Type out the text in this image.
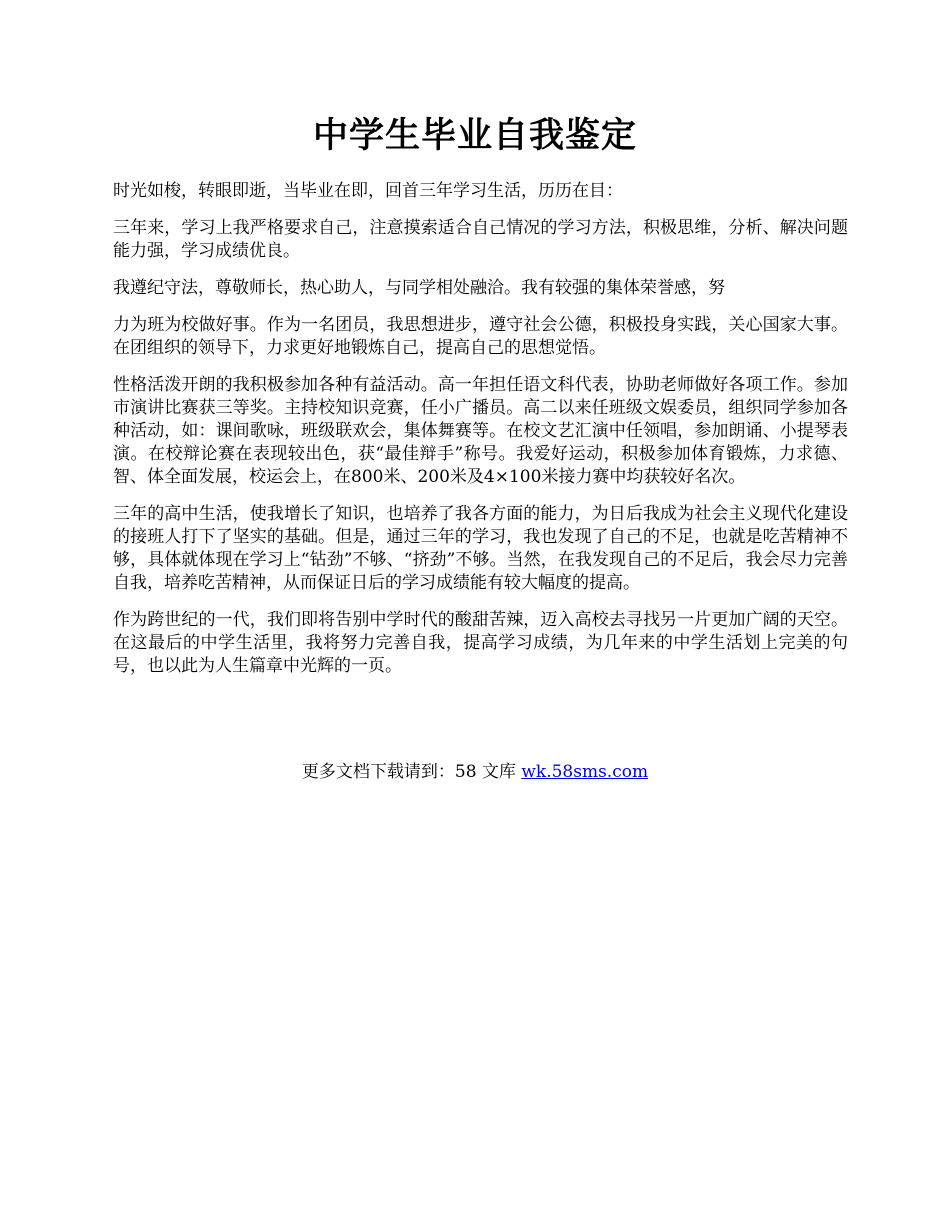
中学生毕业自我鉴定

时光如梭，转眼即逝，当毕业在即，回首三年学习生活，历历在目：

三年来，学习上我严格要求自己，注意摸索适合自己情况的学习方法，积极思维，分析、解决问题能力强，学习成绩优良。

我遵纪守法，尊敬师长，热心助人，与同学相处融洽。我有较强的集体荣誉感，努

力为班为校做好事。作为一名团员，我思想进步，遵守社会公德，积极投身实践，关心国家大事。在团组织的领导下，力求更好地锻炼自己，提高自己的思想觉悟。

性格活泼开朗的我积极参加各种有益活动。高一年担任语文科代表，协助老师做好各项工作。参加市演讲比赛获三等奖。主持校知识竞赛，任小广播员。高二以来任班级文娱委员，组织同学参加各种活动，如：课间歌咏，班级联欢会，集体舞赛等。在校文艺汇演中任领唱，参加朗诵、小提琴表演。在校辩论赛在表现较出色，获“最佳辩手”称号。我爱好运动，积极参加体育锻炼，力求德、智、体全面发展，校运会上，在800米、200米及4×100米接力赛中均获较好名次。

三年的高中生活，使我增长了知识，也培养了我各方面的能力，为日后我成为社会主义现代化建设的接班人打下了坚实的基础。但是，通过三年的学习，我也发现了自己的不足，也就是吃苦精神不够，具体就体现在学习上“钻劲”不够、“挤劲”不够。当然，在我发现自己的不足后，我会尽力完善自我，培养吃苦精神，从而保证日后的学习成绩能有较大幅度的提高。

作为跨世纪的一代，我们即将告别中学时代的酸甜苦辣，迈入高校去寻找另一片更加广阔的天空。在这最后的中学生活里，我将努力完善自我，提高学习成绩，为几年来的中学生活划上完美的句号，也以此为人生篇章中光辉的一页。

更多文档下载请到：58 文库 wk.58sms.com
